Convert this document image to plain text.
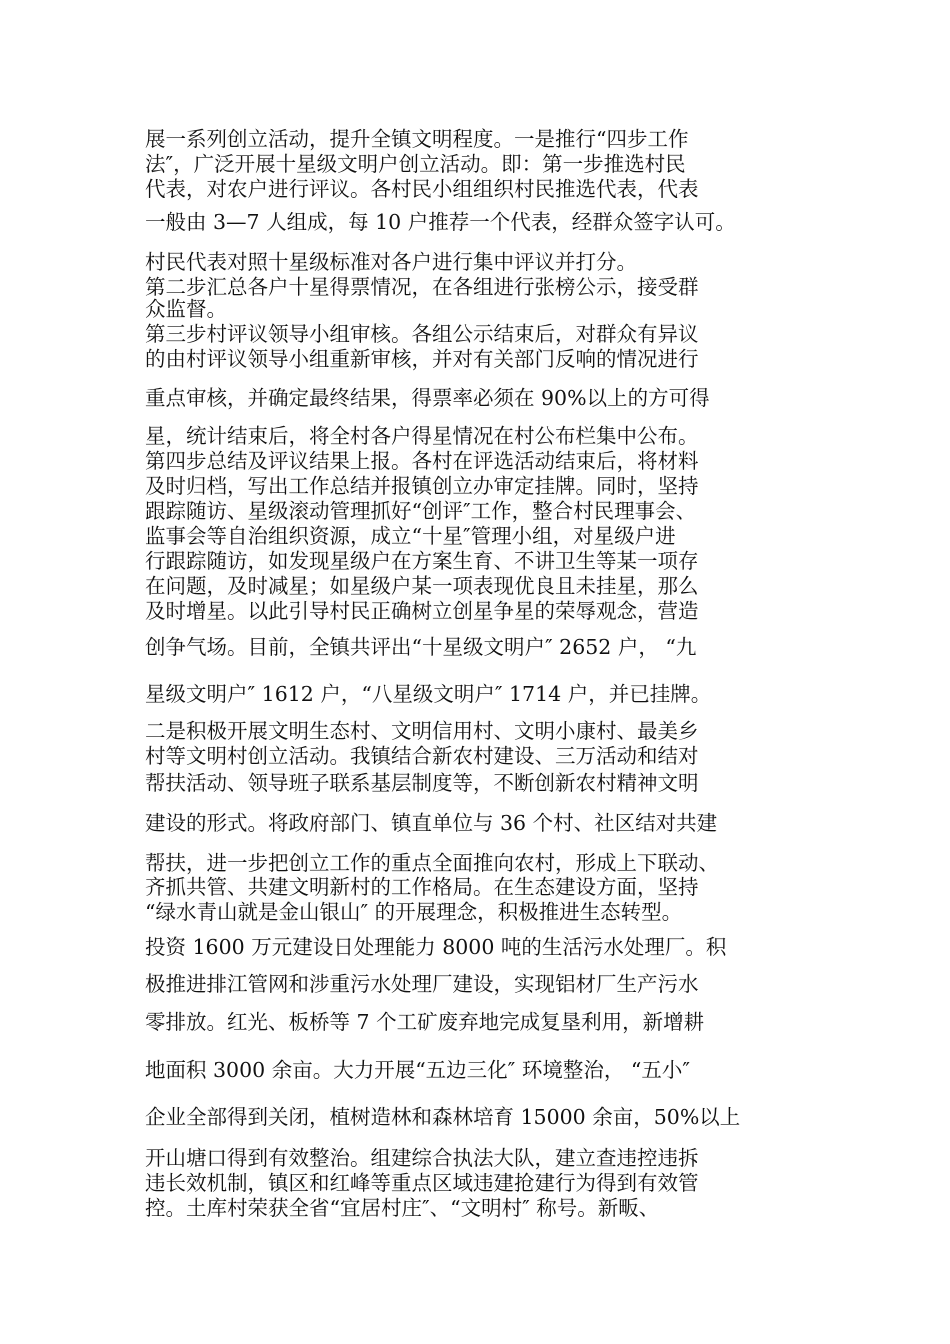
展一系列创立活动，提升全镇文明程度。一是推行“四步工作
法″，广泛开展十星级文明户创立活动。即：第一步推选村民
代表，对农户进行评议。各村民小组组织村民推选代表，代表
一般由 3—7 人组成，每 10 户推荐一个代表，经群众签字认可。
村民代表对照十星级标准对各户进行集中评议并打分。
第二步汇总各户十星得票情况，在各组进行张榜公示，接受群
众监督。
第三步村评议领导小组审核。各组公示结束后，对群众有异议
的由村评议领导小组重新审核，并对有关部门反响的情况进行
重点审核，并确定最终结果，得票率必须在 90%以上的方可得
星，统计结束后，将全村各户得星情况在村公布栏集中公布。
第四步总结及评议结果上报。各村在评选活动结束后，将材料
及时归档，写出工作总结并报镇创立办审定挂牌。同时，坚持
跟踪随访、星级滚动管理抓好“创评″工作，整合村民理事会、
监事会等自治组织资源，成立“十星″管理小组，对星级户进
行跟踪随访，如发现星级户在方案生育、不讲卫生等某一项存
在问题，及时减星；如星级户某一项表现优良且未挂星，那么
及时增星。以此引导村民正确树立创星争星的荣辱观念，营造
创争气场。目前，全镇共评出“十星级文明户″ 2652 户， “九
星级文明户″ 1612 户，“八星级文明户″ 1714 户，并已挂牌。
二是积极开展文明生态村、文明信用村、文明小康村、最美乡
村等文明村创立活动。我镇结合新农村建设、三万活动和结对
帮扶活动、领导班子联系基层制度等，不断创新农村精神文明
建设的形式。将政府部门、镇直单位与 36 个村、社区结对共建
帮扶，进一步把创立工作的重点全面推向农村，形成上下联动、
齐抓共管、共建文明新村的工作格局。在生态建设方面，坚持
“绿水青山就是金山银山″ 的开展理念，积极推进生态转型。
投资 1600 万元建设日处理能力 8000 吨的生活污水处理厂。积
极推进排江管网和涉重污水处理厂建设，实现铝材厂生产污水
零排放。红光、板桥等 7 个工矿废弃地完成复垦利用，新增耕
地面积 3000 余亩。大力开展“五边三化″ 环境整治， “五小″
企业全部得到关闭，植树造林和森林培育 15000 余亩，50%以上
开山塘口得到有效整治。组建综合执法大队，建立查违控违拆
违长效机制，镇区和红峰等重点区域违建抢建行为得到有效管
控。土库村荣获全省“宜居村庄″、“文明村″ 称号。新畈、
